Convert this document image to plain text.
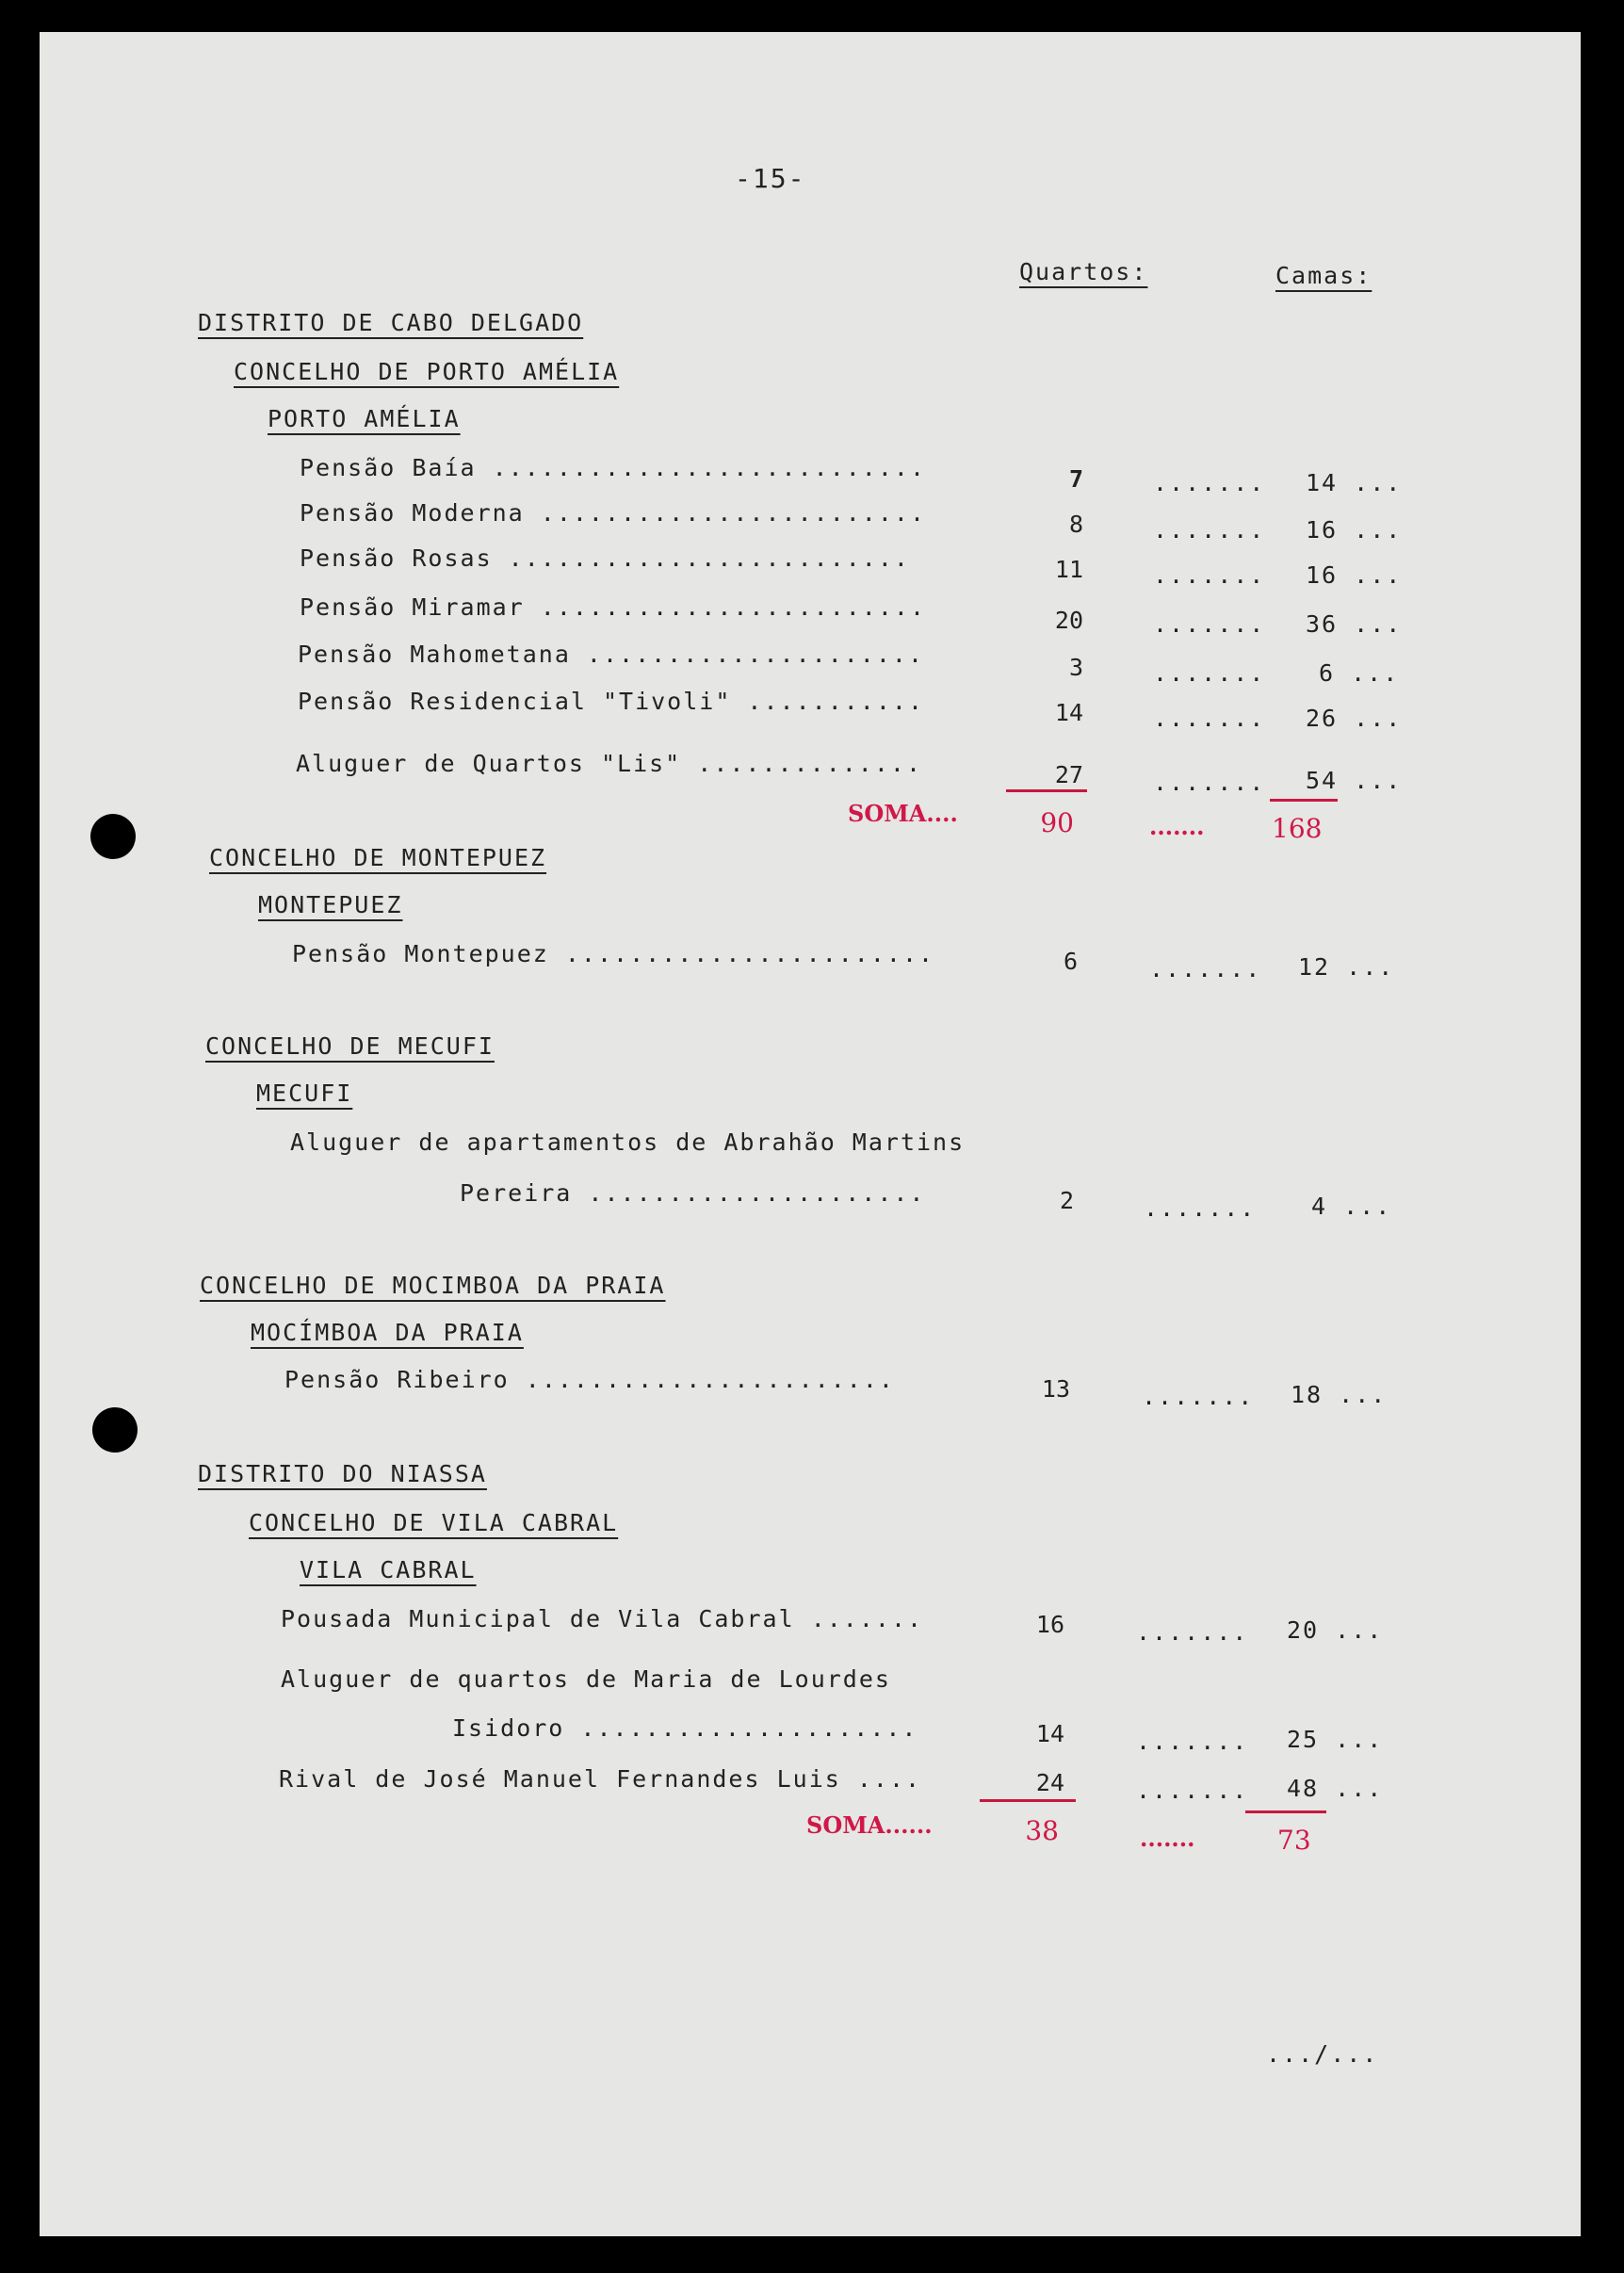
-15-
Quartos:	Camas:
DISTRITO DE CABO DELGADO
CONCELHO DE PORTO AMÉLIA
PORTO AMÉLIA
Pensão Baía ...........................	7	....... 14 ...
Pensão Moderna ........................	8	....... 16 ...
Pensão Rosas .........................	11	....... 16 ...
Pensão Miramar ........................	20	....... 36 ...
Pensão Mahometana .....................	3	....... 6 ...
Pensão Residencial "Tivoli" ...........	14	....... 26 ...
Aluguer de Quartos "Lis" ..............	27	....... 54 ...
SOMA....	90	.......	168
CONCELHO DE MONTEPUEZ
MONTEPUEZ
Pensão Montepuez .......................	6	....... 12 ...
CONCELHO DE MECUFI
MECUFI
Aluguer de apartamentos de Abrahão Martins
Pereira .....................	2	....... 4 ...
CONCELHO DE MOCIMBOA DA PRAIA
MOCÍMBOA DA PRAIA
Pensão Ribeiro .......................	13	....... 18 ...
DISTRITO DO NIASSA
CONCELHO DE VILA CABRAL
VILA CABRAL
Pousada Municipal de Vila Cabral .......	16	....... 20 ...
Aluguer de quartos de Maria de Lourdes
Isidoro .....................	14	....... 25 ...
Rival de José Manuel Fernandes Luis ....	24	....... 48 ...
SOMA......	38	.......	73
.../...
